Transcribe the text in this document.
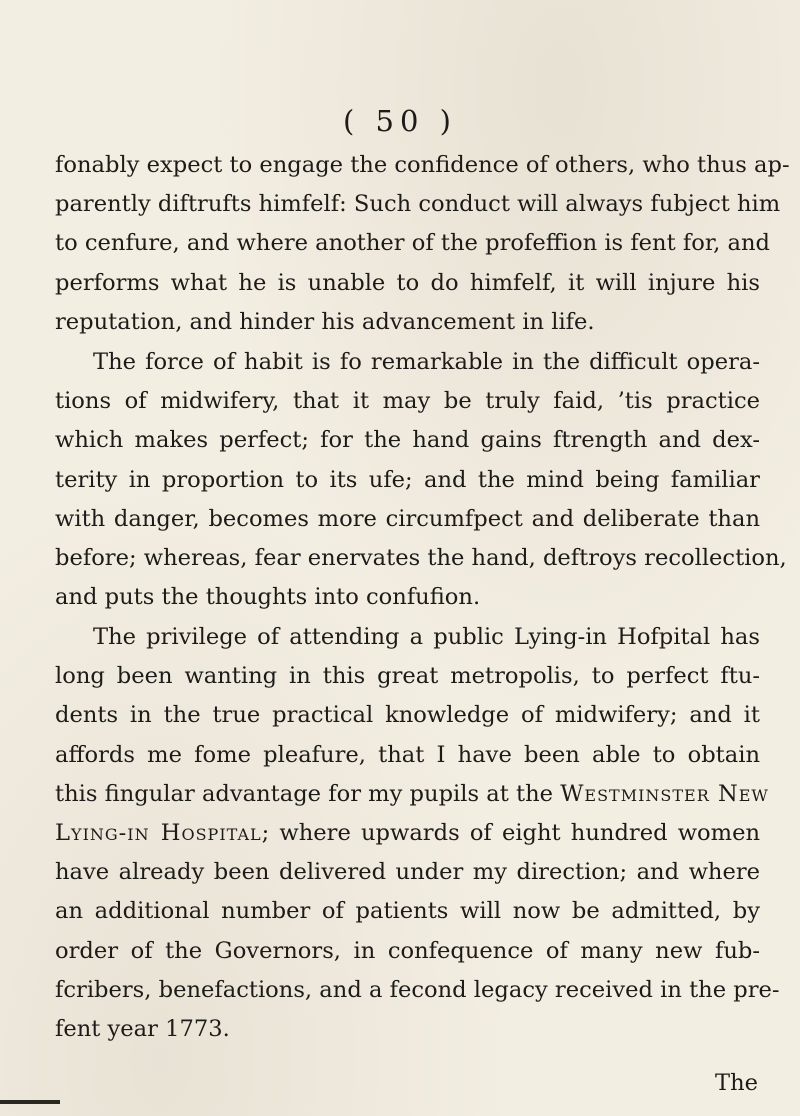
( 50 )
fonably expect to engage the confidence of others, who thus ap-
parently diftrufts himfelf: Such conduct will always fubject him
to cenfure, and where another of the profeffion is fent for, and
performs what he is unable to do himfelf, it will injure his
reputation, and hinder his advancement in life.
The force of habit is fo remarkable in the difficult opera-
tions of midwifery, that it may be truly faid, ’tis practice
which makes perfect; for the hand gains ftrength and dex-
terity in proportion to its ufe; and the mind being familiar
with danger, becomes more circumfpect and deliberate than
before; whereas, fear enervates the hand, deftroys recollection,
and puts the thoughts into confufion.
The privilege of attending a public Lying-in Hofpital has
long been wanting in this great metropolis, to perfect ftu-
dents in the true practical knowledge of midwifery; and it
affords me fome pleafure, that I have been able to obtain
this fingular advantage for my pupils at the Westminster New
Lying-in Hospital; where upwards of eight hundred women
have already been delivered under my direction; and where
an additional number of patients will now be admitted, by
order of the Governors, in confequence of many new fub-
fcribers, benefactions, and a fecond legacy received in the pre-
fent year 1773.
The
